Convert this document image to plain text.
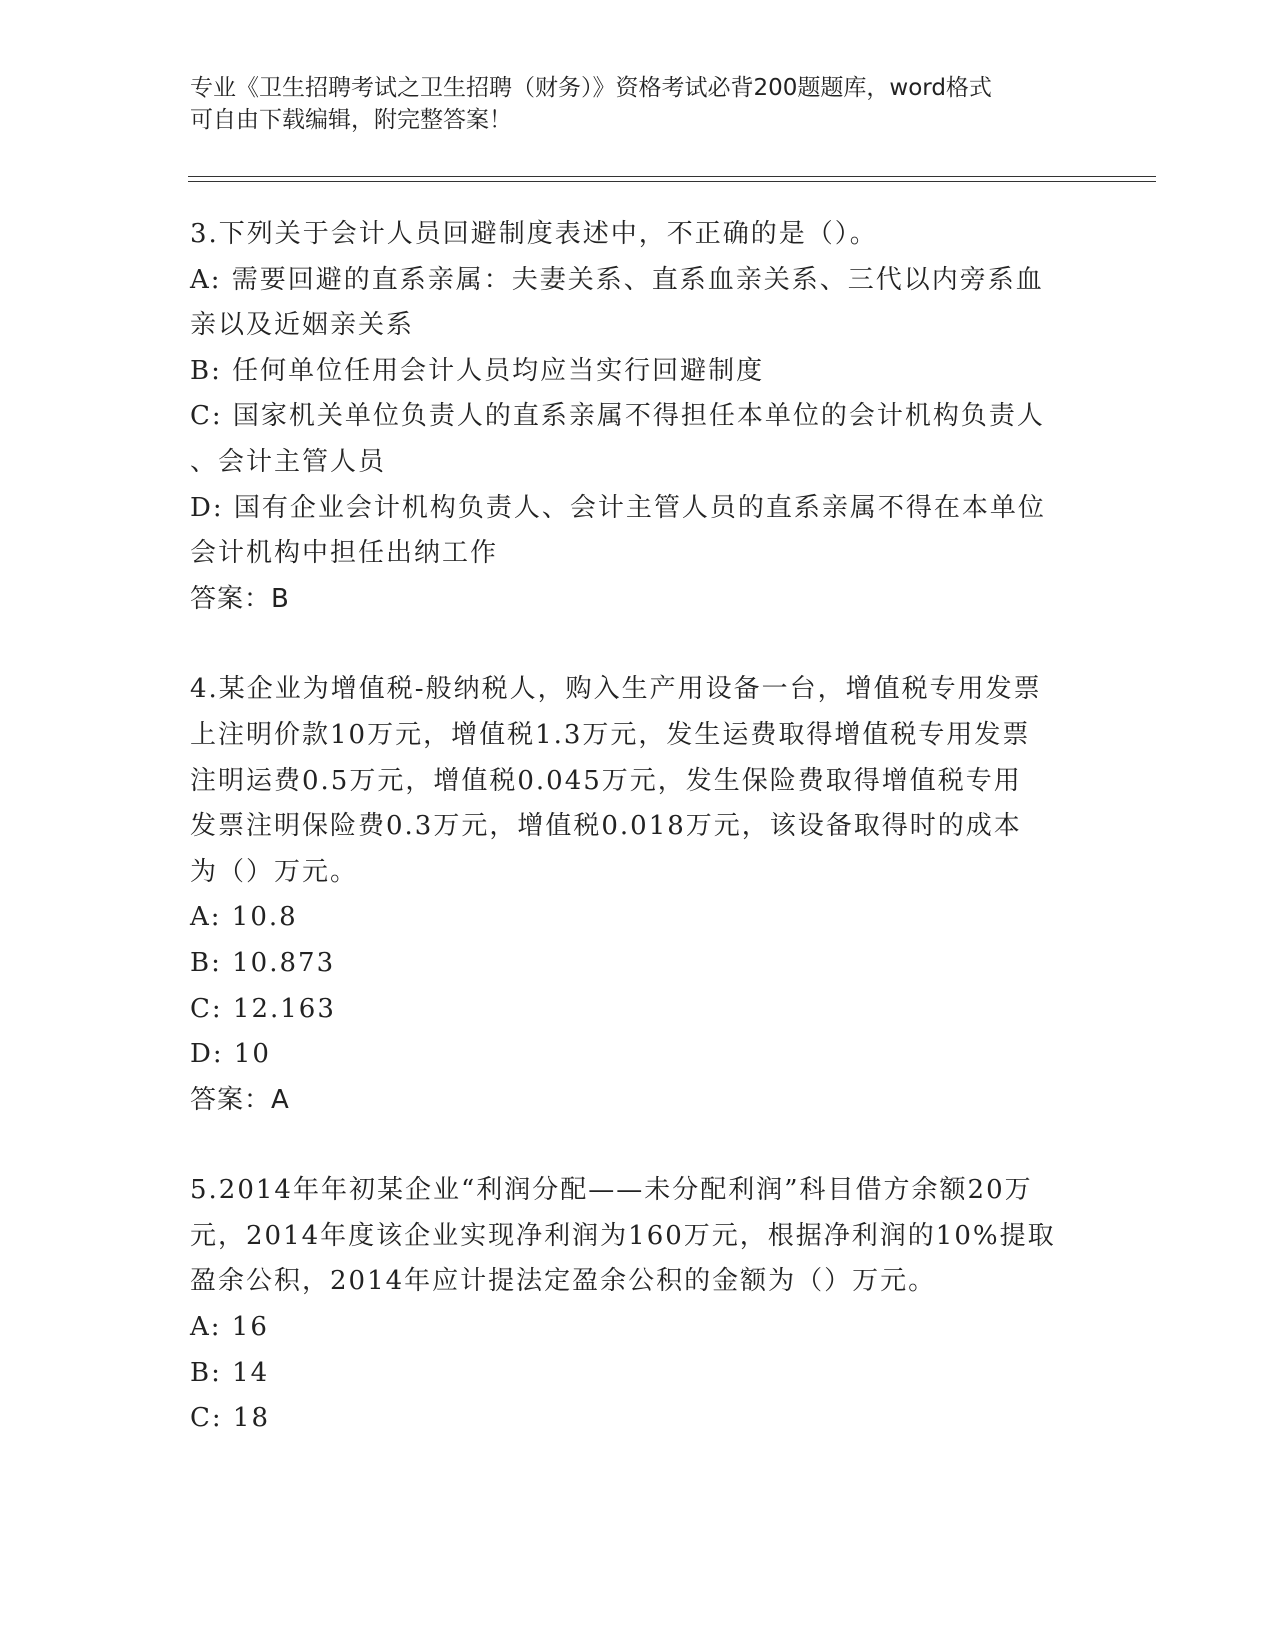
专业《卫生招聘考试之卫生招聘（财务）》资格考试必背200题题库，word格式
可自由下载编辑，附完整答案！
3.下列关于会计人员回避制度表述中，不正确的是（）。
A: 需要回避的直系亲属：夫妻关系、直系血亲关系、三代以内旁系血
亲以及近姻亲关系
B: 任何单位任用会计人员均应当实行回避制度
C: 国家机关单位负责人的直系亲属不得担任本单位的会计机构负责人
、会计主管人员
D: 国有企业会计机构负责人、会计主管人员的直系亲属不得在本单位
会计机构中担任出纳工作
答案：B
4.某企业为增值税-般纳税人，购入生产用设备一台，增值税专用发票
上注明价款10万元，增值税1.3万元，发生运费取得增值税专用发票
注明运费0.5万元，增值税0.045万元，发生保险费取得增值税专用
发票注明保险费0.3万元，增值税0.018万元，该设备取得时的成本
为（）万元。
A: 10.8
B: 10.873
C: 12.163
D: 10
答案：A
5.2014年年初某企业“利润分配——未分配利润”科目借方余额20万
元，2014年度该企业实现净利润为160万元，根据净利润的10%提取
盈余公积，2014年应计提法定盈余公积的金额为（）万元。
A: 16
B: 14
C: 18
